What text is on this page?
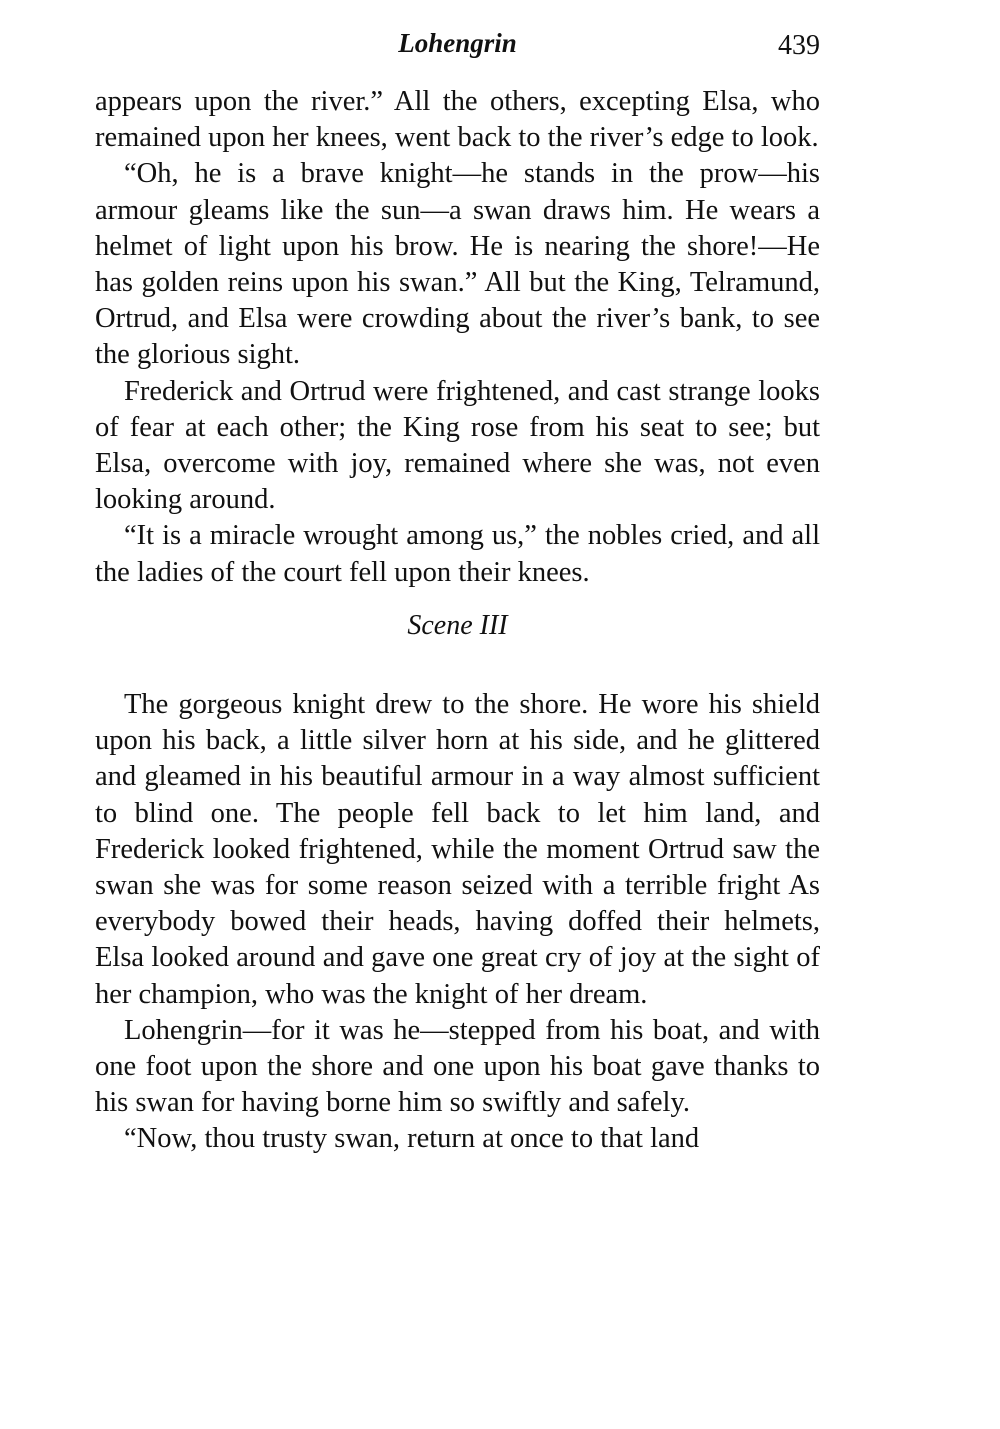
Lohengrin	439

appears upon the river.” All the others, excepting Elsa, who remained upon her knees, went back to the river’s edge to look.

“Oh, he is a brave knight—he stands in the prow—his armour gleams like the sun—a swan draws him. He wears a helmet of light upon his brow. He is nearing the shore!—He has golden reins upon his swan.” All but the King, Telramund, Ortrud, and Elsa were crowding about the river’s bank, to see the glorious sight.

Frederick and Ortrud were frightened, and cast strange looks of fear at each other; the King rose from his seat to see; but Elsa, overcome with joy, remained where she was, not even looking around.

“It is a miracle wrought among us,” the nobles cried, and all the ladies of the court fell upon their knees.

Scene III

The gorgeous knight drew to the shore. He wore his shield upon his back, a little silver horn at his side, and he glittered and gleamed in his beautiful armour in a way almost sufficient to blind one. The people fell back to let him land, and Frederick looked frightened, while the moment Ortrud saw the swan she was for some reason seized with a terrible fright As everybody bowed their heads, having doffed their helmets, Elsa looked around and gave one great cry of joy at the sight of her champion, who was the knight of her dream.

Lohengrin—for it was he—stepped from his boat, and with one foot upon the shore and one upon his boat gave thanks to his swan for having borne him so swiftly and safely.

“Now, thou trusty swan, return at once to that land
